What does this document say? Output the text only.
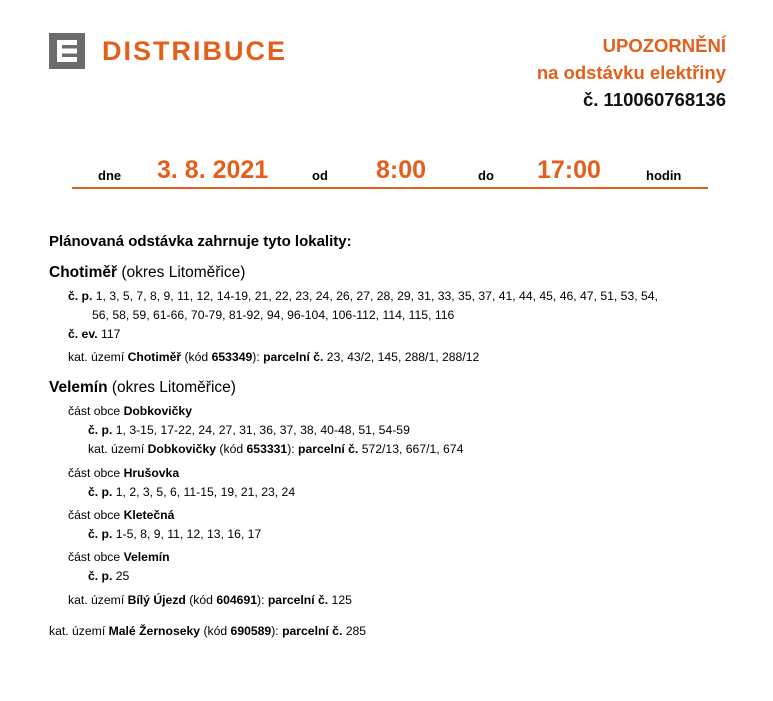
DISTRIBUCE	UPOZORNĚNÍ
na odstávku elektřiny
č. 110060768136
dne 3. 8. 2021	od 8:00	do 17:00	hodin
Plánovaná odstávka zahrnuje tyto lokality:
Chotiměř (okres Litoměřice)
č. p. 1, 3, 5, 7, 8, 9, 11, 12, 14-19, 21, 22, 23, 24, 26, 27, 28, 29, 31, 33, 35, 37, 41, 44, 45, 46, 47, 51, 53, 54,
56, 58, 59, 61-66, 70-79, 81-92, 94, 96-104, 106-112, 114, 115, 116
č. ev. 117
kat. území Chotiměř (kód 653349): parcelní č. 23, 43/2, 145, 288/1, 288/12
Velemín (okres Litoměřice)
část obce Dobkovičky
č. p. 1, 3-15, 17-22, 24, 27, 31, 36, 37, 38, 40-48, 51, 54-59
kat. území Dobkovičky (kód 653331): parcelní č. 572/13, 667/1, 674
část obce Hrušovka
č. p. 1, 2, 3, 5, 6, 11-15, 19, 21, 23, 24
část obce Kletečná
č. p. 1-5, 8, 9, 11, 12, 13, 16, 17
část obce Velemín
č. p. 25
kat. území Bílý Újezd (kód 604691): parcelní č. 125
kat. území Malé Žernoseky (kód 690589): parcelní č. 285
